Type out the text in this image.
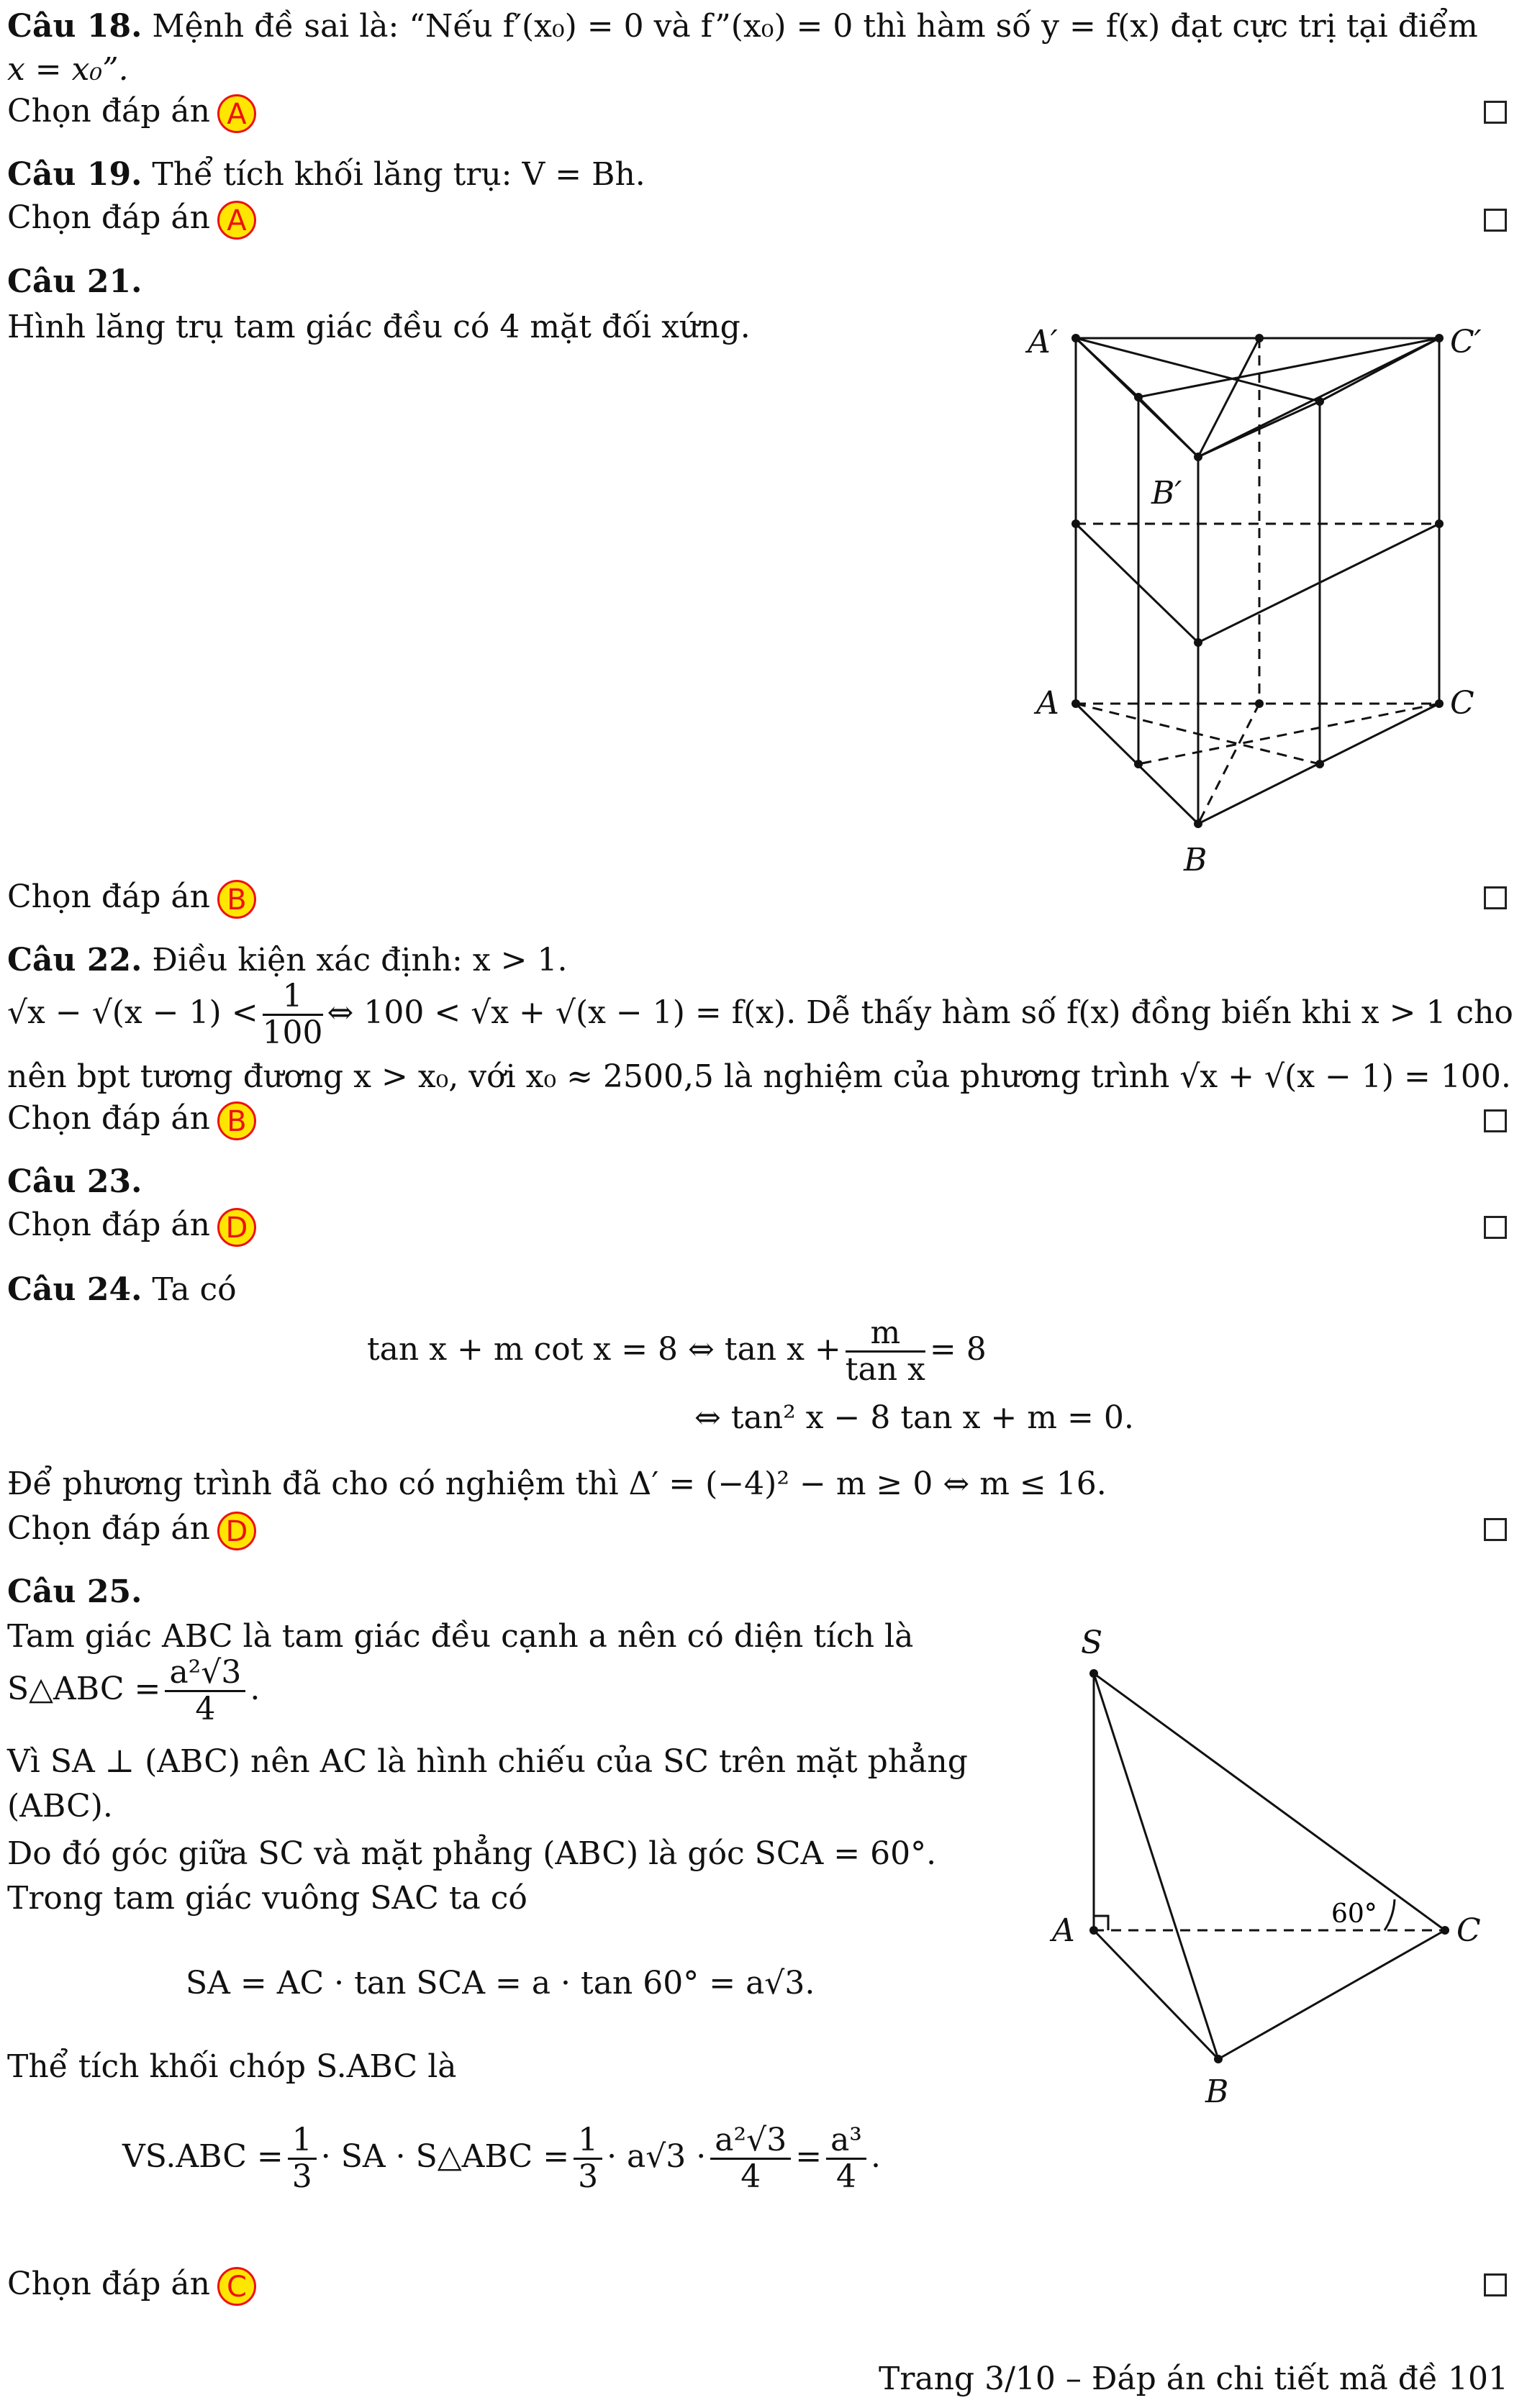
Câu 18. Mệnh đề sai là: “Nếu f′(x₀) = 0 và f”(x₀) = 0 thì hàm số y = f(x) đạt cực trị tại điểm
x = x₀”.
Chọn đáp án A
Câu 19. Thể tích khối lăng trụ: V = Bh.
Chọn đáp án A
Câu 21.
Hình lăng trụ tam giác đều có 4 mặt đối xứng.	A′	C′
B′
A	C
B
Chọn đáp án B
Câu 22. Điều kiện xác định: x > 1.
$√x - √(x - 1) < \frac{1}{100}$ ⇔ 100 < √x + √(x − 1) = f(x). Dễ thấy hàm số f(x) đồng biến khi x > 1 cho
nên bpt tương đương x > x₀, với x₀ ≈ 2500,5 là nghiệm của phương trình √x + √(x − 1) = 100.
Chọn đáp án B
Câu 23.
Chọn đáp án D
Câu 24. Ta có
tan x + m cot x = 8 ⇔ $\tan x + \frac{m}{\text{tan x}} = 8$
⇔ tan² x − 8 tan x + m = 0.
Để phương trình đã cho có nghiệm thì Δ′ = (−4)² − m ≥ 0 ⇔ m ≤ 16.
Chọn đáp án D
Câu 25.
Tam giác ABC là tam giác đều cạnh a nên có diện tích là
S△ABC = $\frac{\text{a²√3}}{4}$ .
Vì SA ⊥ (ABC) nên AC là hình chiếu của SC trên mặt phẳng
(ABC).
Do đó góc giữa SC và mặt phẳng (ABC) là góc SCA = 60°.
Trong tam giác vuông SAC ta có
SA = AC · tan SCA = a · tan 60° = a√3.
Thể tích khối chóp S.ABC là
$VS.ABC = \frac{1}{3}$ · SA · S△ABC = $\frac{1}{3} \cdot a√3 \cdot \frac{\text{a²√3}}{4} = \frac{\text{a³}}{4}$ .
S
A	C
B
60°
Chọn đáp án C
Trang 3/10 – Đáp án chi tiết mã đề 101
